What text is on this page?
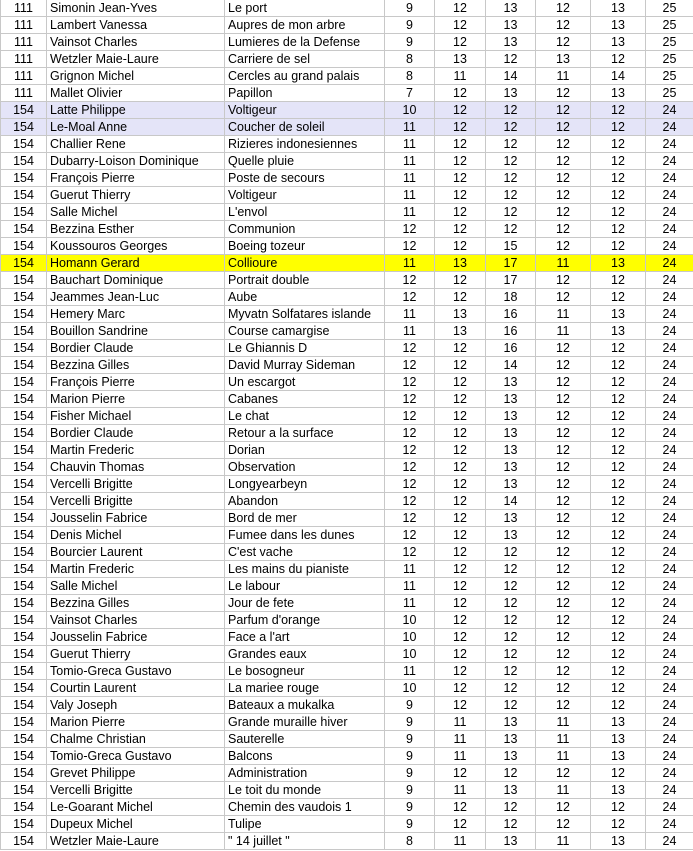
111	Simonin Jean-Yves	Le port	9	12	13	12	13	25
111	Lambert Vanessa	Aupres de mon arbre	9	12	13	12	13	25
111	Vainsot Charles	Lumieres de la Defense	9	12	13	12	13	25
111	Wetzler Maie-Laure	Carriere de sel	8	13	12	13	12	25
111	Grignon Michel	Cercles au grand palais	8	11	14	11	14	25
111	Mallet Olivier	Papillon	7	12	13	12	13	25
154	Latte Philippe	Voltigeur	10	12	12	12	12	24
154	Le-Moal Anne	Coucher de soleil	11	12	12	12	12	24
154	Challier Rene	Rizieres indonesiennes	11	12	12	12	12	24
154	Dubarry-Loison Dominique	Quelle pluie	11	12	12	12	12	24
154	François Pierre	Poste de secours	11	12	12	12	12	24
154	Guerut Thierry	Voltigeur	11	12	12	12	12	24
154	Salle Michel	L'envol	11	12	12	12	12	24
154	Bezzina Esther	Communion	12	12	12	12	12	24
154	Koussouros Georges	Boeing tozeur	12	12	15	12	12	24
154	Homann Gerard	Collioure	11	13	17	11	13	24
154	Bauchart Dominique	Portrait double	12	12	17	12	12	24
154	Jeammes Jean-Luc	Aube	12	12	18	12	12	24
154	Hemery Marc	Myvatn Solfatares islande	11	13	16	11	13	24
154	Bouillon Sandrine	Course camargise	11	13	16	11	13	24
154	Bordier Claude	Le Ghiannis D	12	12	16	12	12	24
154	Bezzina Gilles	David Murray Sideman	12	12	14	12	12	24
154	François Pierre	Un escargot	12	12	13	12	12	24
154	Marion Pierre	Cabanes	12	12	13	12	12	24
154	Fisher Michael	Le chat	12	12	13	12	12	24
154	Bordier Claude	Retour a la surface	12	12	13	12	12	24
154	Martin Frederic	Dorian	12	12	13	12	12	24
154	Chauvin Thomas	Observation	12	12	13	12	12	24
154	Vercelli Brigitte	Longyearbeyn	12	12	13	12	12	24
154	Vercelli Brigitte	Abandon	12	12	14	12	12	24
154	Jousselin Fabrice	Bord de mer	12	12	13	12	12	24
154	Denis Michel	Fumee dans les dunes	12	12	13	12	12	24
154	Bourcier Laurent	C'est vache	12	12	12	12	12	24
154	Martin Frederic	Les mains du pianiste	11	12	12	12	12	24
154	Salle Michel	Le labour	11	12	12	12	12	24
154	Bezzina Gilles	Jour de fete	11	12	12	12	12	24
154	Vainsot Charles	Parfum d'orange	10	12	12	12	12	24
154	Jousselin Fabrice	Face a l'art	10	12	12	12	12	24
154	Guerut Thierry	Grandes eaux	10	12	12	12	12	24
154	Tomio-Greca Gustavo	Le bosogneur	11	12	12	12	12	24
154	Courtin Laurent	La mariee rouge	10	12	12	12	12	24
154	Valy Joseph	Bateaux a mukalka	9	12	12	12	12	24
154	Marion Pierre	Grande muraille hiver	9	11	13	11	13	24
154	Chalme Christian	Sauterelle	9	11	13	11	13	24
154	Tomio-Greca Gustavo	Balcons	9	11	13	11	13	24
154	Grevet Philippe	Administration	9	12	12	12	12	24
154	Vercelli Brigitte	Le toit du monde	9	11	13	11	13	24
154	Le-Goarant Michel	Chemin des vaudois 1	9	12	12	12	12	24
154	Dupeux Michel	Tulipe	9	12	12	12	12	24
154	Wetzler Maie-Laure	" 14 juillet "	8	11	13	11	13	24
